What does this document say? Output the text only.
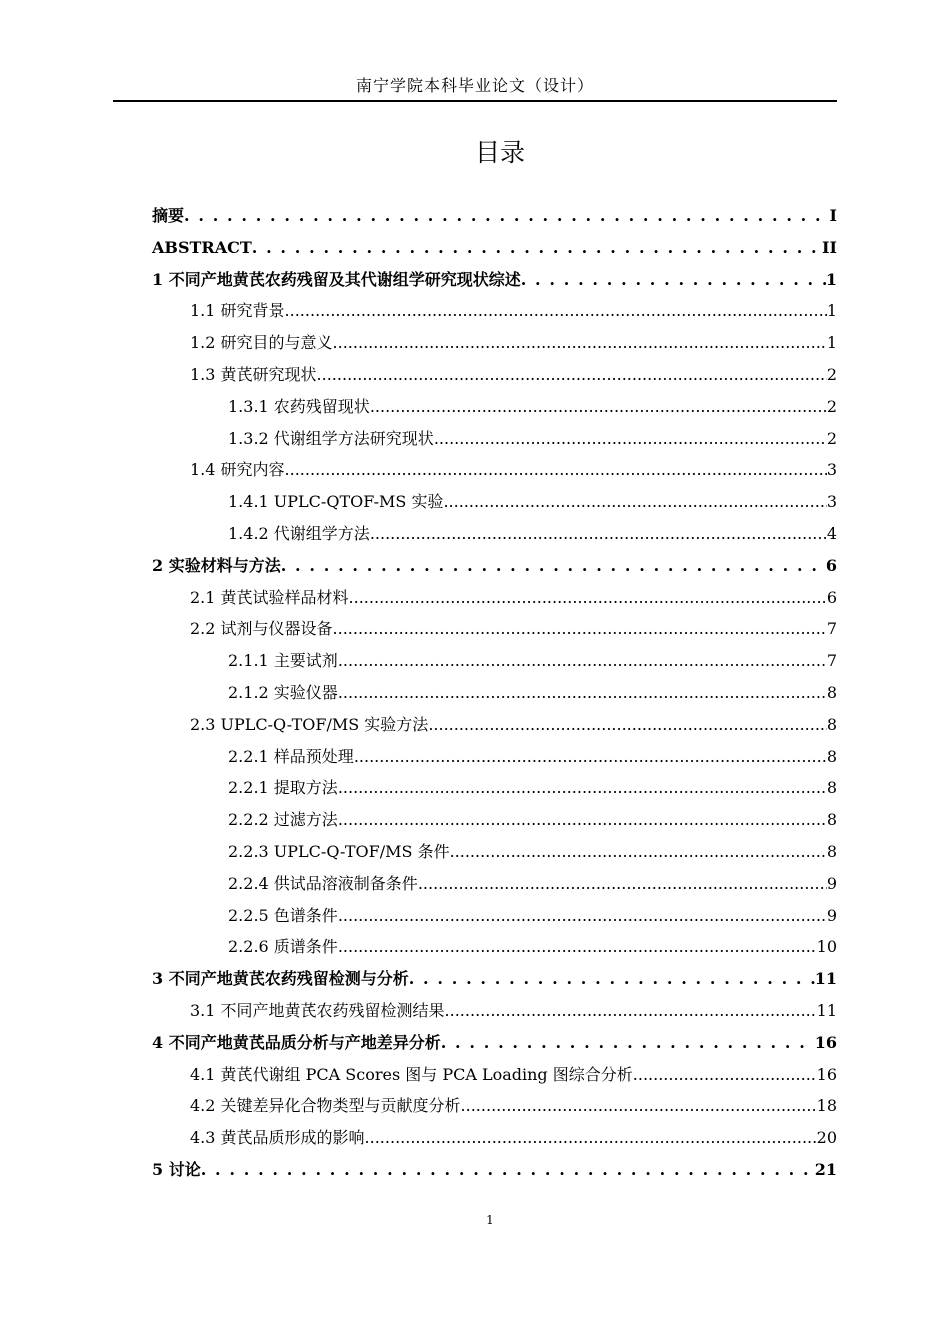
南宁学院本科毕业论文（设计）
目录
摘要 . . .	I
ABSTRACT . . .	II
1 不同产地黄芪农药残留及其代谢组学研究现状综述 . . .	1
1.1 研究背景 .....	1
1.2 研究目的与意义 .....	1
1.3 黄芪研究现状 .....	2
1.3.1 农药残留现状 .....	2
1.3.2 代谢组学方法研究现状 .....	2
1.4 研究内容 .....	3
1.4.1 UPLC-QTOF-MS 实验 .....	3
1.4.2 代谢组学方法 .....	4
2 实验材料与方法 . . .	6
2.1 黄芪试验样品材料 .....	6
2.2 试剂与仪器设备 .....	7
2.1.1 主要试剂 .....	7
2.1.2 实验仪器 .....	8
2.3 UPLC-Q-TOF/MS 实验方法 .....	8
2.2.1 样品预处理 .....	8
2.2.1 提取方法 .....	8
2.2.2 过滤方法 .....	8
2.2.3 UPLC-Q-TOF/MS 条件 .....	8
2.2.4 供试品溶液制备条件 .....	9
2.2.5 色谱条件 .....	9
2.2.6 质谱条件 .....	10
3 不同产地黄芪农药残留检测与分析 . . .	11
3.1 不同产地黄芪农药残留检测结果 .....	11
4 不同产地黄芪品质分析与产地差异分析 . . .	16
4.1 黄芪代谢组 PCA Scores 图与 PCA Loading 图综合分析 .....	16
4.2 关键差异化合物类型与贡献度分析 .....	18
4.3 黄芪品质形成的影响 .....	20
5 讨论 . . .	21
1
